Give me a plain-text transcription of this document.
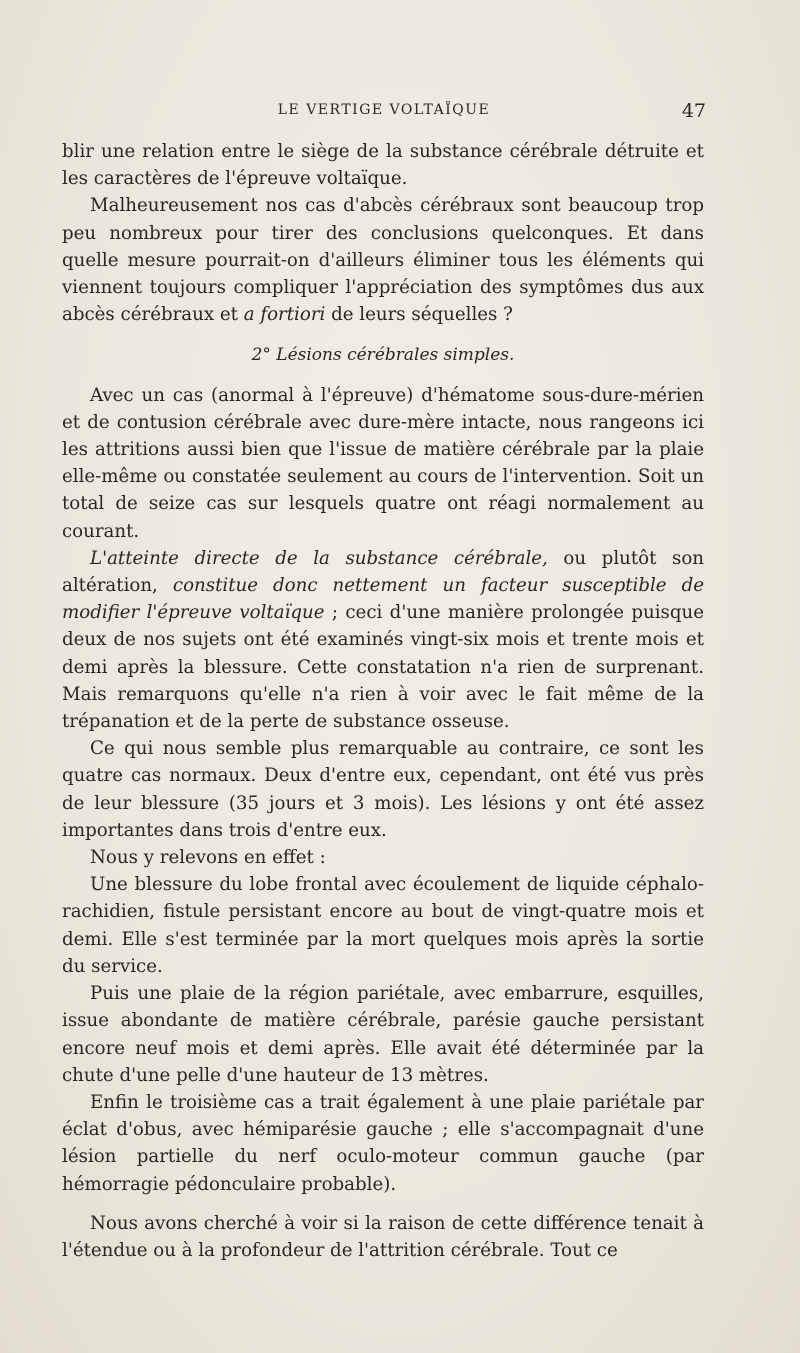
LE VERTIGE VOLTAÏQUE	47

blir une relation entre le siège de la substance cérébrale détruite et les caractères de l'épreuve voltaïque.

Malheureusement nos cas d'abcès cérébraux sont beaucoup trop peu nombreux pour tirer des conclusions quelconques. Et dans quelle mesure pourrait-on d'ailleurs éliminer tous les éléments qui viennent toujours compliquer l'appréciation des symptômes dus aux abcès cérébraux et a fortiori de leurs séquelles ?

2° Lésions cérébrales simples.

Avec un cas (anormal à l'épreuve) d'hématome sous-dure-mérien et de contusion cérébrale avec dure-mère intacte, nous rangeons ici les attritions aussi bien que l'issue de matière cérébrale par la plaie elle-même ou constatée seulement au cours de l'intervention. Soit un total de seize cas sur lesquels quatre ont réagi normalement au courant.

L'atteinte directe de la substance cérébrale, ou plutôt son altération, constitue donc nettement un facteur susceptible de modifier l'épreuve voltaïque ; ceci d'une manière prolongée puisque deux de nos sujets ont été examinés vingt-six mois et trente mois et demi après la blessure. Cette constatation n'a rien de surprenant. Mais remarquons qu'elle n'a rien à voir avec le fait même de la trépanation et de la perte de substance osseuse.

Ce qui nous semble plus remarquable au contraire, ce sont les quatre cas normaux. Deux d'entre eux, cependant, ont été vus près de leur blessure (35 jours et 3 mois). Les lésions y ont été assez importantes dans trois d'entre eux.

Nous y relevons en effet :

Une blessure du lobe frontal avec écoulement de liquide céphalo-rachidien, fistule persistant encore au bout de vingt-quatre mois et demi. Elle s'est terminée par la mort quelques mois après la sortie du service.

Puis une plaie de la région pariétale, avec embarrure, esquilles, issue abondante de matière cérébrale, parésie gauche persistant encore neuf mois et demi après. Elle avait été déterminée par la chute d'une pelle d'une hauteur de 13 mètres.

Enfin le troisième cas a trait également à une plaie pariétale par éclat d'obus, avec hémiparésie gauche ; elle s'accompagnait d'une lésion partielle du nerf oculo-moteur commun gauche (par hémorragie pédonculaire probable).

Nous avons cherché à voir si la raison de cette différence tenait à l'étendue ou à la profondeur de l'attrition cérébrale. Tout ce
